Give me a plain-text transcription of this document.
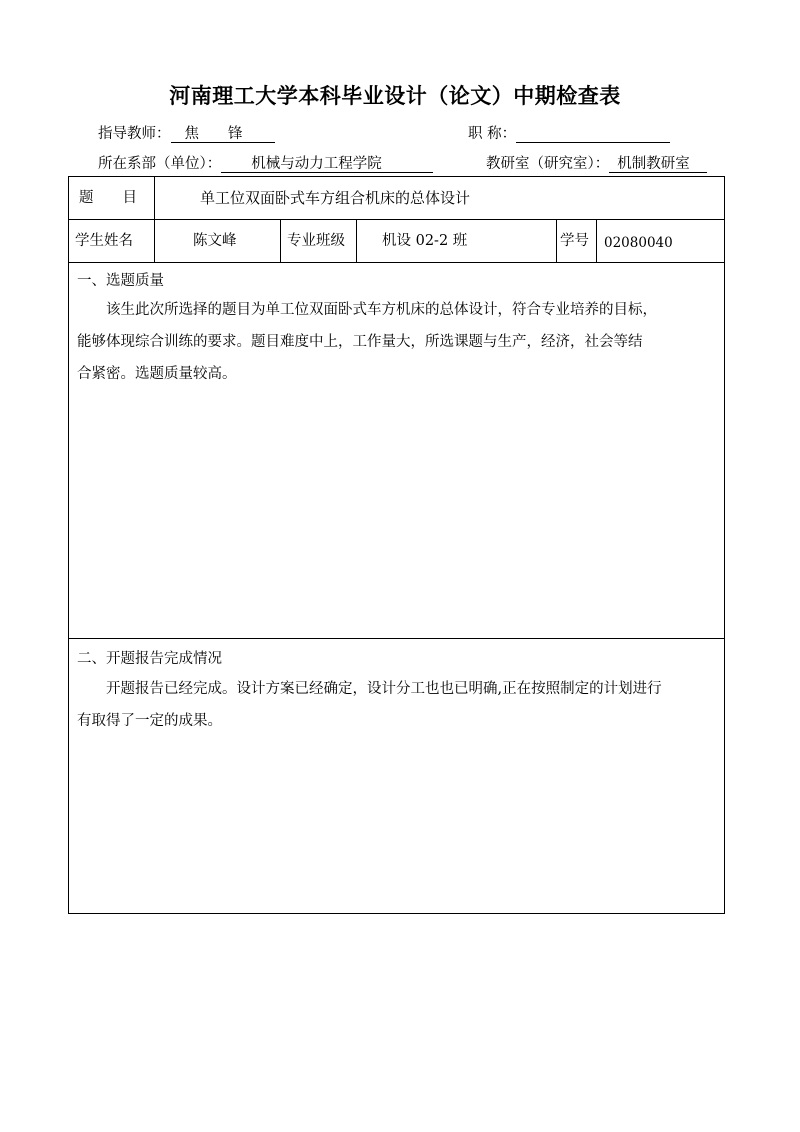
河南理工大学本科毕业设计（论文）中期检查表
指导教师： 焦　　锋	职 称：
所在系部（单位）： 机械与动力工程学院	教研室（研究室）： 机制教研室
题　　目	单工位双面卧式车方组合机床的总体设计
学生姓名	陈文峰	专业班级	机设 02-2 班	学号 02080040
一、选题质量
　　该生此次所选择的题目为单工位双面卧式车方机床的总体设计，符合专业培养的目标，
能够体现综合训练的要求。题目难度中上，工作量大，所选课题与生产，经济，社会等结
合紧密。选题质量较高。
二、开题报告完成情况
　　开题报告已经完成。设计方案已经确定，设计分工也也已明确,正在按照制定的计划进行
有取得了一定的成果。
